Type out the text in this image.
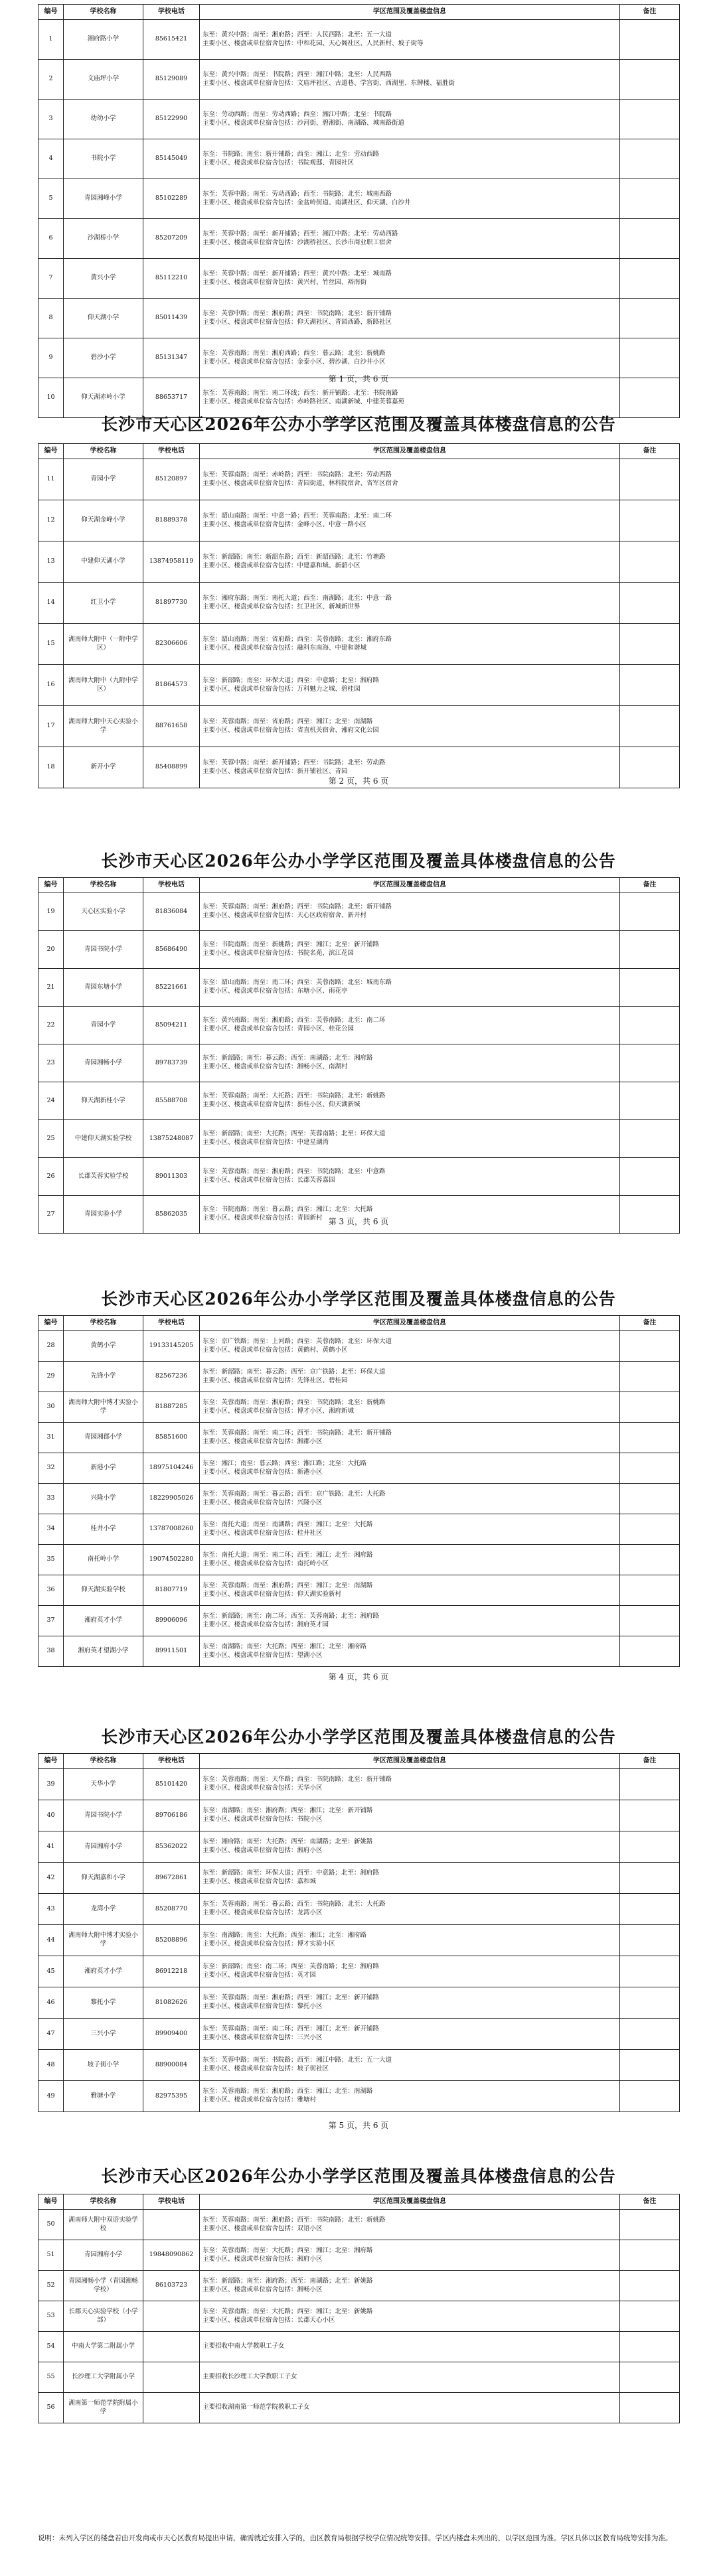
编号	学校名称	学校电话	学区范围及覆盖楼盘信息	备注
1	湘府路小学	85615421	东至：黄兴中路；南至：湘府路；西至：人民西路；北至：五一大道
主要小区、楼盘或单位宿舍包括：中和花园、天心阁社区、人民新村、坡子街等	
2	文庙坪小学	85129089	东至：黄兴中路；南至：书院路；西至：湘江中路；北至：人民西路
主要小区、楼盘或单位宿舍包括：文庙坪社区、古道巷、学宫街、西湖里、东牌楼、福胜街	
3	幼幼小学	85122990	东至：劳动西路；南至：劳动西路；西至：湘江中路；北至：书院路
主要小区、楼盘或单位宿舍包括：沙河街、碧湘街、南湖路、城南路街道	
4	书院小学	85145049	东至：书院路；南至：新开铺路；西至：湘江；北至：劳动西路
主要小区、楼盘或单位宿舍包括：书院观邸、青园社区	
5	青园湘峰小学	85102289	东至：芙蓉中路；南至：劳动西路；西至：书院路；北至：城南西路
主要小区、楼盘或单位宿舍包括：金盆岭街道、南湖社区、仰天湖、白沙井	
6	沙湖桥小学	85207209	东至：芙蓉中路；南至：新开铺路；西至：湘江中路；北至：劳动西路
主要小区、楼盘或单位宿舍包括：沙湖桥社区、长沙市商业职工宿舍	
7	黄兴小学	85112210	东至：芙蓉中路；南至：新开铺路；西至：黄兴中路；北至：城南路
主要小区、楼盘或单位宿舍包括：黄兴村、竹丝园、裕南街	
8	仰天湖小学	85011439	东至：芙蓉中路；南至：湘府路；西至：书院南路；北至：新开铺路
主要小区、楼盘或单位宿舍包括：仰天湖社区、青园西路、新路社区	
9	碧沙小学	85131347	东至：芙蓉南路；南至：湘府西路；西至：暮云路；北至：新姚路
主要小区、楼盘或单位宿舍包括：金泰小区、碧沙湖、白沙井小区	
10	仰天湖赤岭小学	88653717	东至：芙蓉南路；南至：南二环线；西至：新开铺路；北至：书院南路
主要小区、楼盘或单位宿舍包括：赤岭路社区、南湖新城、中建芙蓉嘉苑	
第 1 页，共 6 页
长沙市天心区2026年公办小学学区范围及覆盖具体楼盘信息的公告
编号	学校名称	学校电话	学区范围及覆盖楼盘信息	备注
11	青园小学	85120897	东至：芙蓉南路；南至：赤岭路；西至：书院南路；北至：劳动西路
主要小区、楼盘或单位宿舍包括：青园街道、林科院宿舍、省军区宿舍	
12	仰天湖金峰小学	81889378	东至：韶山南路；南至：中意一路；西至：芙蓉南路；北至：南二环
主要小区、楼盘或单位宿舍包括：金峰小区、中意一路小区	
13	中建仰天湖小学	13874958119	东至：新韶路；南至：新韶东路；西至：新韶西路；北至：竹塘路
主要小区、楼盘或单位宿舍包括：中建嘉和城、新韶小区	
14	红卫小学	81897730	东至：湘府东路；南至：南托大道；西至：南湖路；北至：中意一路
主要小区、楼盘或单位宿舍包括：红卫社区、新城新世界	
15	湖南师大附中（一附中学区）	82306606	东至：韶山南路；南至：省府路；西至：芙蓉南路；北至：湘府东路
主要小区、楼盘或单位宿舍包括：融科东南海、中建和谐城	
16	湖南师大附中（九附中学区）	81864573	东至：新韶路；南至：环保大道；西至：中意路；北至：湘府路
主要小区、楼盘或单位宿舍包括：万科魅力之城、碧桂园	
17	湖南师大附中天心实验小学	88761658	东至：芙蓉南路；南至：省府路；西至：湘江；北至：南湖路
主要小区、楼盘或单位宿舍包括：省直机关宿舍、湘府文化公园	
18	新开小学	85408899	东至：芙蓉中路；南至：新开铺路；西至：书院路；北至：劳动路
主要小区、楼盘或单位宿舍包括：新开铺社区、青园	
第 2 页，共 6 页
长沙市天心区2026年公办小学学区范围及覆盖具体楼盘信息的公告
编号	学校名称	学校电话	学区范围及覆盖楼盘信息	备注
19	天心区实验小学	81836084	东至：芙蓉南路；南至：湘府路；西至：书院南路；北至：新开铺路
主要小区、楼盘或单位宿舍包括：天心区政府宿舍、新开村	
20	青园书院小学	85686490	东至：书院南路；南至：新姚路；西至：湘江；北至：新开铺路
主要小区、楼盘或单位宿舍包括：书院名苑、滨江花园	
21	青园东塘小学	85221661	东至：韶山南路；南至：南二环；西至：芙蓉南路；北至：城南东路
主要小区、楼盘或单位宿舍包括：东塘小区、雨花亭	
22	青园小学	85094211	东至：黄兴南路；南至：湘府路；西至：芙蓉南路；北至：南二环
主要小区、楼盘或单位宿舍包括：青园小区、桂花公园	
23	青园湘畅小学	89783739	东至：新韶路；南至：暮云路；西至：南湖路；北至：湘府路
主要小区、楼盘或单位宿舍包括：湘畅小区、南湖村	
24	仰天湖新桂小学	85588708	东至：芙蓉南路；南至：大托路；西至：书院南路；北至：新姚路
主要小区、楼盘或单位宿舍包括：新桂小区、仰天湖新城	
25	中建仰天湖实验学校	13875248087	东至：新韶路；南至：大托路；西至：芙蓉南路；北至：环保大道
主要小区、楼盘或单位宿舍包括：中建星湖湾	
26	长郡芙蓉实验学校	89011303	东至：芙蓉南路；南至：湘府路；西至：书院南路；北至：中意路
主要小区、楼盘或单位宿舍包括：长郡芙蓉嘉园	
27	青园实验小学	85862035	东至：书院南路；南至：暮云路；西至：湘江；北至：大托路
主要小区、楼盘或单位宿舍包括：青园新村	第 3 页，共 6 页
长沙市天心区2026年公办小学学区范围及覆盖具体楼盘信息的公告
编号	学校名称	学校电话	学区范围及覆盖楼盘信息	备注
28	黄鹤小学	19133145205	东至：京广铁路；南至：上河路；西至：芙蓉南路；北至：环保大道
主要小区、楼盘或单位宿舍包括：黄鹤村、黄鹤小区	
29	先锋小学	82567236	东至：新韶路；南至：暮云路；西至：京广铁路；北至：环保大道
主要小区、楼盘或单位宿舍包括：先锋社区、碧桂园	
30	湖南师大附中博才实验小学	81887285	东至：芙蓉南路；南至：湘府路；西至：书院南路；北至：新姚路
主要小区、楼盘或单位宿舍包括：博才小区、湘府新城	
31	青园湘郡小学	85851600	东至：芙蓉南路；南至：南二环；西至：书院南路；北至：新开铺路
主要小区、楼盘或单位宿舍包括：湘郡小区	
32	新港小学	18975104246	东至：湘江；南至：暮云路；西至：湘江路；北至：大托路
主要小区、楼盘或单位宿舍包括：新港小区	
33	兴隆小学	18229905026	东至：芙蓉南路；南至：暮云路；西至：京广铁路；北至：大托路
主要小区、楼盘或单位宿舍包括：兴隆小区	
34	桂井小学	13787008260	东至：南托大道；南至：南湖路；西至：湘江；北至：大托路
主要小区、楼盘或单位宿舍包括：桂井社区	
35	南托岭小学	19074502280	东至：南托大道；南至：南二环；西至：湘江；北至：湘府路
主要小区、楼盘或单位宿舍包括：南托岭小区	
36	仰天湖实验学校	81807719	东至：芙蓉南路；南至：湘府路；西至：湘江；北至：南湖路
主要小区、楼盘或单位宿舍包括：仰天湖实验新村	
37	湘府英才小学	89906096	东至：新韶路；南至：南二环；西至：芙蓉南路；北至：湘府路
主要小区、楼盘或单位宿舍包括：湘府英才园	
38	湘府英才望湖小学	89911501	东至：南湖路；南至：大托路；西至：湘江；北至：湘府路
主要小区、楼盘或单位宿舍包括：望湖小区	
第 4 页，共 6 页
长沙市天心区2026年公办小学学区范围及覆盖具体楼盘信息的公告
编号	学校名称	学校电话	学区范围及覆盖楼盘信息	备注
39	天华小学	85101420	东至：芙蓉南路；南至：天华路；西至：书院南路；北至：新开铺路
主要小区、楼盘或单位宿舍包括：天华小区	
40	青园书院小学	89706186	东至：南湖路；南至：湘府路；西至：湘江；北至：新开铺路
主要小区、楼盘或单位宿舍包括：书院小区	
41	青园湘府小学	85362022	东至：湘府路；南至：大托路；西至：南湖路；北至：新姚路
主要小区、楼盘或单位宿舍包括：湘府小区	
42	仰天湖嘉和小学	89672861	东至：新韶路；南至：环保大道；西至：中意路；北至：湘府路
主要小区、楼盘或单位宿舍包括：嘉和城	
43	龙湾小学	85208770	东至：芙蓉南路；南至：暮云路；西至：书院南路；北至：大托路
主要小区、楼盘或单位宿舍包括：龙湾小区	
44	湖南师大附中博才实验小学	85208896	东至：南湖路；南至：大托路；西至：湘江；北至：湘府路
主要小区、楼盘或单位宿舍包括：博才实验小区	
45	湘府英才小学	86912218	东至：新韶路；南至：南二环；西至：芙蓉南路；北至：湘府路
主要小区、楼盘或单位宿舍包括：英才园	
46	黎托小学	81082626	东至：芙蓉南路；南至：湘府路；西至：湘江；北至：新开铺路
主要小区、楼盘或单位宿舍包括：黎托小区	
47	三兴小学	89909400	东至：芙蓉南路；南至：南二环；西至：湘江；北至：新开铺路
主要小区、楼盘或单位宿舍包括：三兴小区	
48	坡子街小学	88900084	东至：芙蓉中路；南至：书院路；西至：湘江中路；北至：五一大道
主要小区、楼盘或单位宿舍包括：坡子街社区	
49	雅塘小学	82975395	东至：芙蓉南路；南至：湘府路；西至：湘江；北至：南湖路
主要小区、楼盘或单位宿舍包括：雅塘村	
第 5 页，共 6 页
长沙市天心区2026年公办小学学区范围及覆盖具体楼盘信息的公告
编号	学校名称	学校电话	学区范围及覆盖楼盘信息	备注
50	湖南师大附中双语实验学校		东至：芙蓉南路；南至：湘府路；西至：书院南路；北至：新姚路
主要小区、楼盘或单位宿舍包括：双语小区	
51	青园湘府小学	19848090862	东至：芙蓉南路；南至：大托路；西至：湘江；北至：湘府路
主要小区、楼盘或单位宿舍包括：湘府小区	
52	青园湘畅小学（青园湘畅学校）	86103723	东至：新韶路；南至：湘府路；西至：南湖路；北至：新姚路
主要小区、楼盘或单位宿舍包括：湘畅小区	
53	长郡天心实验学校（小学部）		东至：芙蓉南路；南至：大托路；西至：湘江；北至：新姚路
主要小区、楼盘或单位宿舍包括：长郡天心小区	
54	中南大学第二附属小学		主要招收中南大学教职工子女	
55	长沙理工大学附属小学		主要招收长沙理工大学教职工子女	
56	湖南第一师范学院附属小学		主要招收湖南第一师范学院教职工子女	
说明：未列入学区的楼盘若由开发商或市天心区教育局提出申请，确需就近安排入学的，由区教育局根据学校学位情况统筹安排。学区内楼盘未列出的，以学区范围为准。学区具体以区教育局统筹安排为准。
